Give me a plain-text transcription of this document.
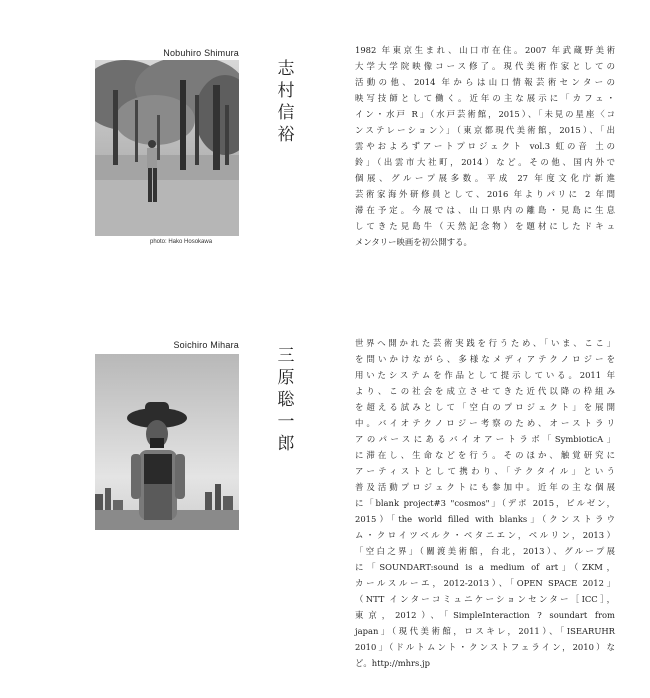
Nobuhiro Shimura
photo: Hako Hosokawa
志
村
信
裕
1982 年東京生まれ、山口市在住。2007 年武蔵野美術
大学大学院映像コース修了。現代美術作家としての
活動の他、2014 年からは山口情報芸術センターの
映写技師として働く。近年の主な展示に「カフェ・
イン・水戸 R」（水戸芸術館，2015）、「未見の星座〈コ
ンステレーション〉」（東京都現代美術館，2015）、「出
雲やおよろずアートプロジェクト vol.3 虹の音 土の
鈴」（出雲市大社町，2014）など。その他、国内外で
個展、グループ展多数。平成 27 年度文化庁新進
芸術家海外研修員として、2016 年よりパリに 2 年間
滞在予定。今展では、山口県内の離島・見島に生息
してきた見島牛（天然記念物）を題材にしたドキュ
メンタリー映画を初公開する。
Soichiro Mihara
三
原
聡
一
郎
世界へ開かれた芸術実践を行うため、「いま、ここ」
を問いかけながら、多様なメディアテクノロジーを
用いたシステムを作品として提示している。2011 年
より、この社会を成立させてきた近代以降の枠組み
を超える試みとして「空白のプロジェクト」を展開
中。バイオテクノロジー考察のため、オーストラリ
アのパースにあるバイオアートラボ「SymbioticA」
に滞在し、生命などを行う。そのほか、触覚研究に
アーティストとして携わり、「テクタイル」という
普及活動プロジェクトにも参加中。近年の主な個展
に「blank project#3 "cosmos"」（デポ 2015，ビルゼン，
2015）「the world filled with blanks」（クンストラウ
ム・クロイツベルク・ベタニエン，ベルリン，2013）
「空白之界」（關渡美術館，台北，2013）、グループ展
に「SOUNDART:sound is a medium of art」（ZKM，
カールスルーエ，2012-2013）、「OPEN SPACE 2012」
（NTT インターコミュニケーションセンター［ICC］，
東京，2012）、「SimpleInteraction ? soundart from
japan」（現代美術館，ロスキレ，2011）、「ISEARUHR
2010」（ドルトムント・クンストフェライン，2010）な
ど。http://mhrs.jp
